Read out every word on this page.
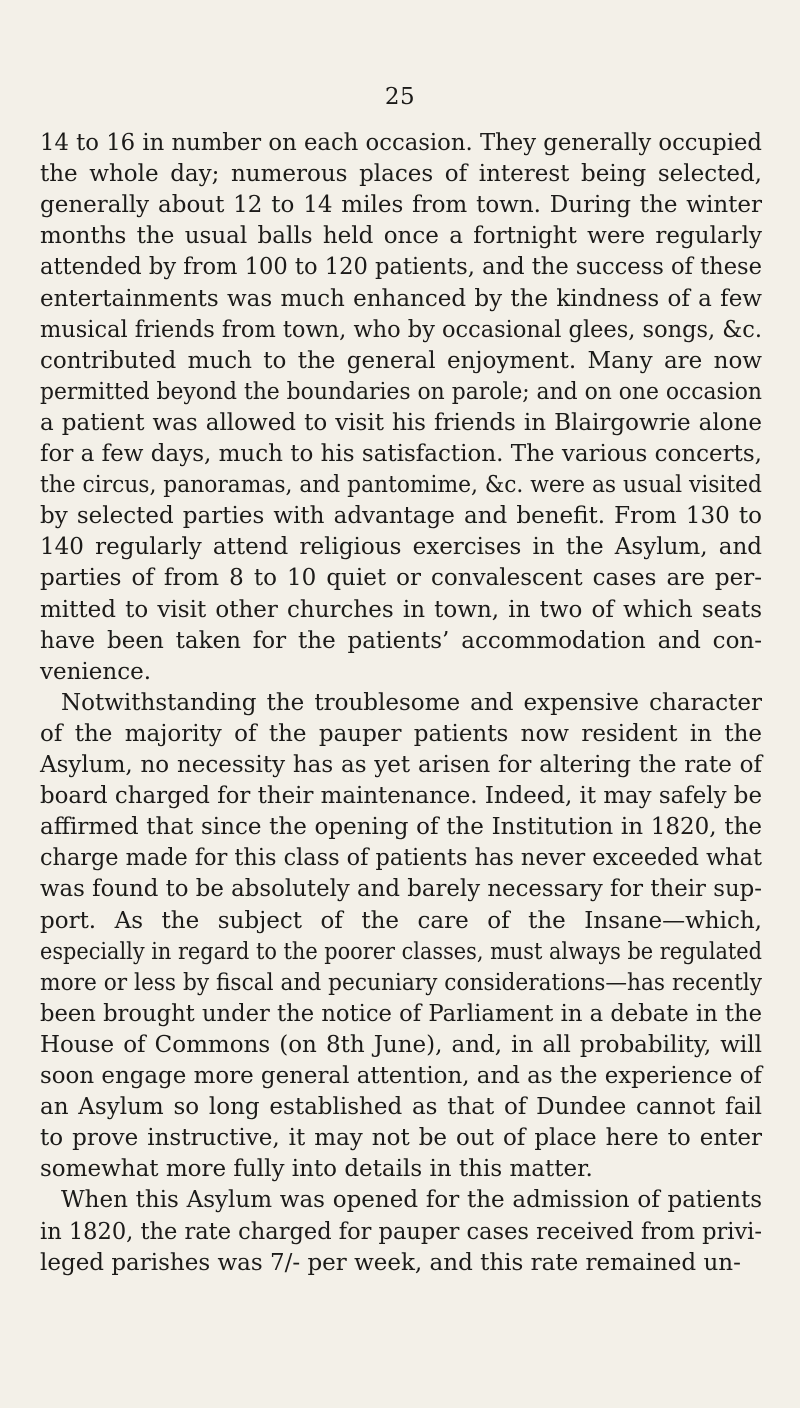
25
14 to 16 in number on each occasion. They generally occupied
the whole day; numerous places of interest being selected,
generally about 12 to 14 miles from town. During the winter
months the usual balls held once a fortnight were regularly
attended by from 100 to 120 patients, and the success of these
entertainments was much enhanced by the kindness of a few
musical friends from town, who by occasional glees, songs, &c.
contributed much to the general enjoyment. Many are now
permitted beyond the boundaries on parole; and on one occasion
a patient was allowed to visit his friends in Blairgowrie alone
for a few days, much to his satisfaction. The various concerts,
the circus, panoramas, and pantomime, &c. were as usual visited
by selected parties with advantage and benefit. From 130 to
140 regularly attend religious exercises in the Asylum, and
parties of from 8 to 10 quiet or convalescent cases are per-
mitted to visit other churches in town, in two of which seats
have been taken for the patients’ accommodation and con-
venience.
Notwithstanding the troublesome and expensive character
of the majority of the pauper patients now resident in the
Asylum, no necessity has as yet arisen for altering the rate of
board charged for their maintenance. Indeed, it may safely be
affirmed that since the opening of the Institution in 1820, the
charge made for this class of patients has never exceeded what
was found to be absolutely and barely necessary for their sup-
port. As the subject of the care of the Insane—which,
especially in regard to the poorer classes, must always be regulated
more or less by fiscal and pecuniary considerations—has recently
been brought under the notice of Parliament in a debate in the
House of Commons (on 8th June), and, in all probability, will
soon engage more general attention, and as the experience of
an Asylum so long established as that of Dundee cannot fail
to prove instructive, it may not be out of place here to enter
somewhat more fully into details in this matter.
When this Asylum was opened for the admission of patients
in 1820, the rate charged for pauper cases received from privi-
leged parishes was 7/- per week, and this rate remained un-
